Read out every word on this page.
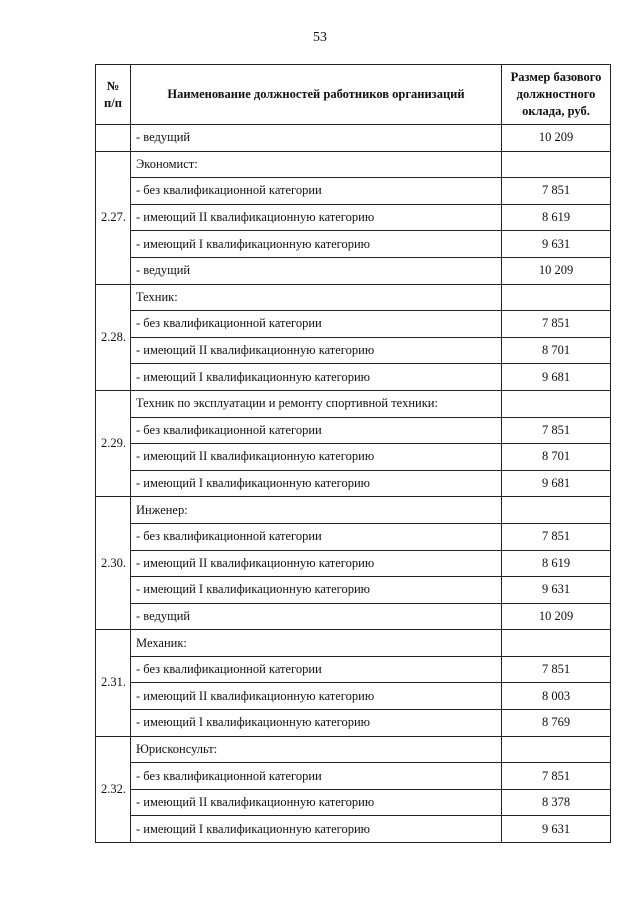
53
№ п/п	Наименование должностей работников организаций	Размер базового должностного оклада, руб.
	- ведущий	10 209
2.27.	Экономист:	
	- без квалификационной категории	7 851
	- имеющий II квалификационную категорию	8 619
	- имеющий I квалификационную категорию	9 631
	- ведущий	10 209
2.28.	Техник:	
	- без квалификационной категории	7 851
	- имеющий II квалификационную категорию	8 701
	- имеющий I квалификационную категорию	9 681
2.29.	Техник по эксплуатации и ремонту спортивной техники:	
	- без квалификационной категории	7 851
	- имеющий II квалификационную категорию	8 701
	- имеющий I квалификационную категорию	9 681
2.30.	Инженер:	
	- без квалификационной категории	7 851
	- имеющий II квалификационную категорию	8 619
	- имеющий I квалификационную категорию	9 631
	- ведущий	10 209
2.31.	Механик:	
	- без квалификационной категории	7 851
	- имеющий II квалификационную категорию	8 003
	- имеющий I квалификационную категорию	8 769
2.32.	Юрисконсульт:	
	- без квалификационной категории	7 851
	- имеющий II квалификационную категорию	8 378
	- имеющий I квалификационную категорию	9 631
